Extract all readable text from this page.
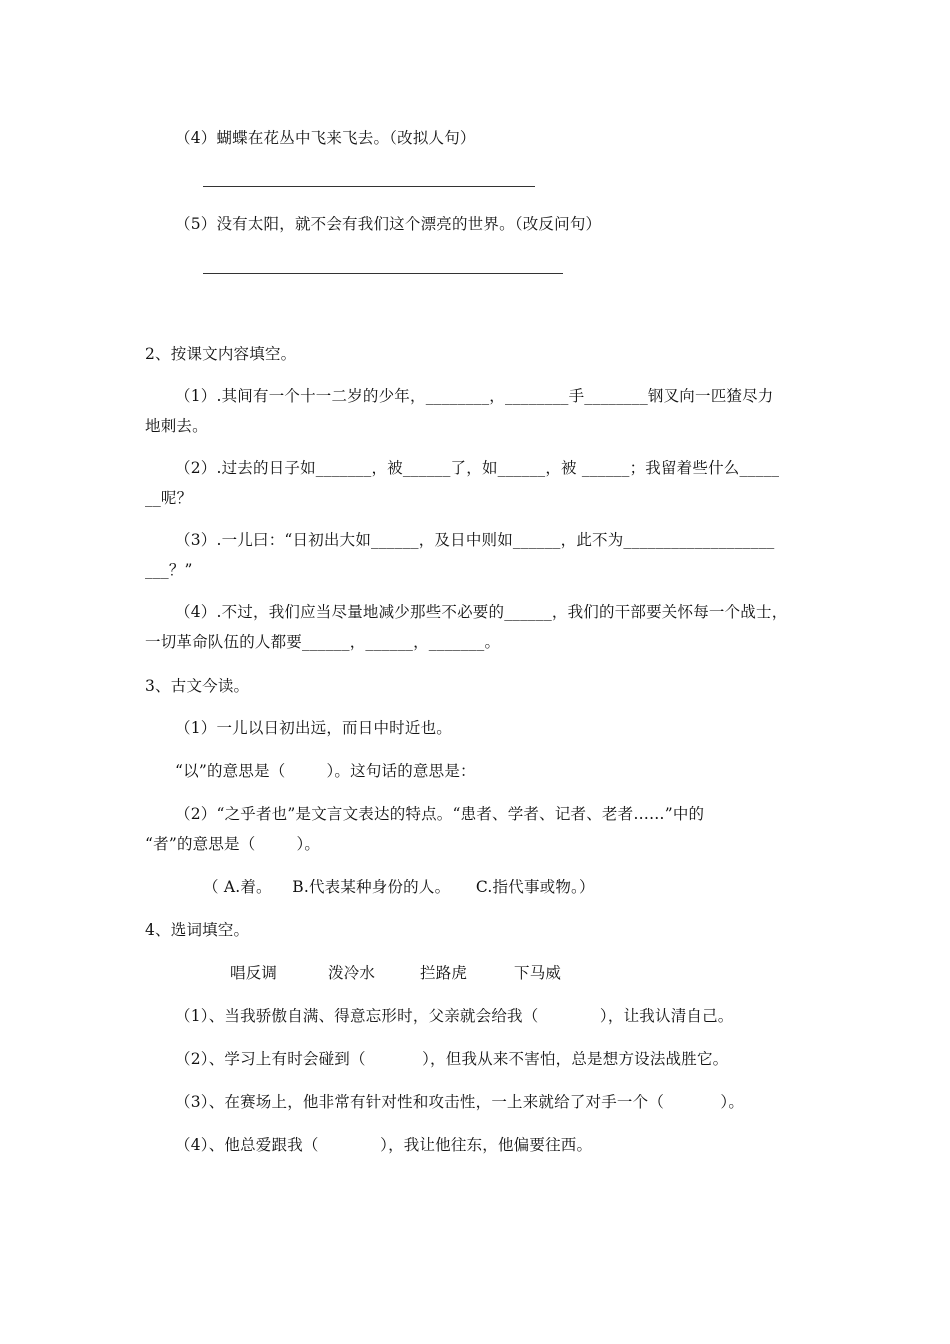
（4）蝴蝶在花丛中飞来飞去。（改拟人句）
（5）没有太阳，就不会有我们这个漂亮的世界。（改反问句）
2、按课文内容填空。
（1）.其间有一个十一二岁的少年，________，________手________钢叉向一匹猹尽力
地刺去。
（2）.过去的日子如_______，被______了，如______，被 ______；我留着些什么_____
__呢？
（3）.一儿曰：“日初出大如______，及日中则如______，此不为___________________
___？”
（4）.不过，我们应当尽量地减少那些不必要的______，我们的干部要关怀每一个战士，
一切革命队伍的人都要______，______，_______。
3、古文今读。
（1）一儿以日初出远，而日中时近也。
“以”的意思是（        ）。这句话的意思是：
（2）“之乎者也”是文言文表达的特点。“患者、学者、记者、老者……”中的
“者”的意思是（        ）。
（ A.着。    B.代表某种身份的人。     C.指代事或物。）
4、选词填空。
唱反调	泼冷水	拦路虎	下马威
（1）、当我骄傲自满、得意忘形时，父亲就会给我（            ），让我认清自己。
（2）、学习上有时会碰到（           ），但我从来不害怕，总是想方设法战胜它。
（3）、在赛场上，他非常有针对性和攻击性，一上来就给了对手一个（           ）。
（4）、他总爱跟我（            ），我让他往东，他偏要往西。
